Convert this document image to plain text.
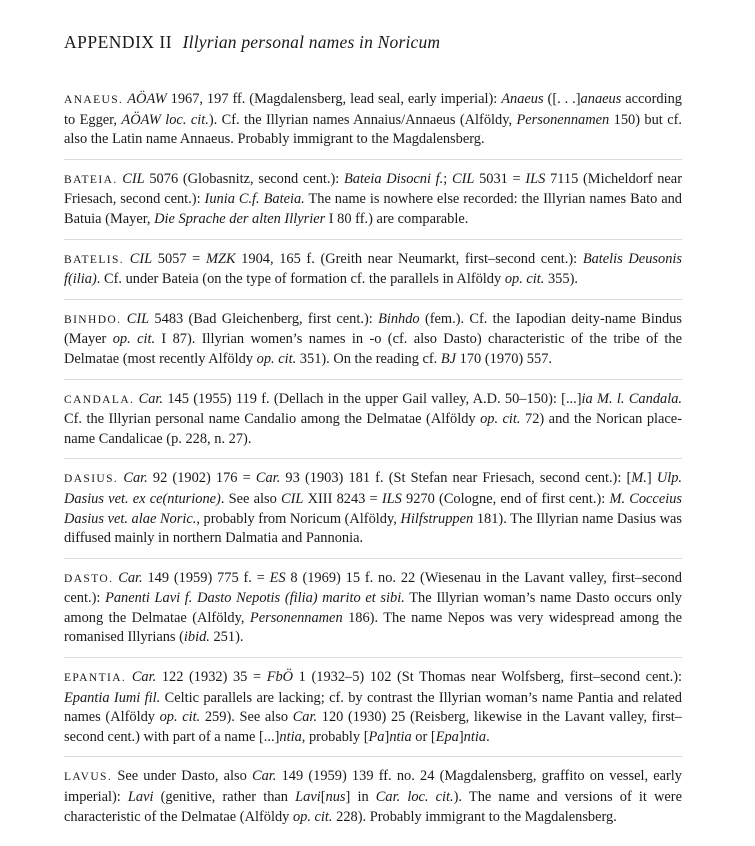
APPENDIX II Illyrian personal names in Noricum

ANAEUS. AÖAW 1967, 197 ff. (Magdalensberg, lead seal, early imperial): Anaeus ([. . .]anaeus according to Egger, AÖAW loc. cit.). Cf. the Illyrian names Annaius/Annaeus (Alföldy, Personennamen 150) but cf. also the Latin name Annaeus. Probably immigrant to the Magdalensberg.

BATEIA. CIL 5076 (Globasnitz, second cent.): Bateia Disocni f.; CIL 5031 = ILS 7115 (Micheldorf near Friesach, second cent.): Iunia C.f. Bateia. The name is nowhere else recorded: the Illyrian names Bato and Batuia (Mayer, Die Sprache der alten Illyrier I 80 ff.) are comparable.

BATELIS. CIL 5057 = MZK 1904, 165 f. (Greith near Neumarkt, first–second cent.): Batelis Deusonis f(ilia). Cf. under Bateia (on the type of formation cf. the parallels in Alföldy op. cit. 355).

BINHDO. CIL 5483 (Bad Gleichenberg, first cent.): Binhdo (fem.). Cf. the Iapodian deity-name Bindus (Mayer op. cit. I 87). Illyrian women’s names in -o (cf. also Dasto) characteristic of the tribe of the Delmatae (most recently Alföldy op. cit. 351). On the reading cf. BJ 170 (1970) 557.

CANDALA. Car. 145 (1955) 119 f. (Dellach in the upper Gail valley, A.D. 50–150): [...]ia M. l. Candala. Cf. the Illyrian personal name Candalio among the Delmatae (Alföldy op. cit. 72) and the Norican place-name Candalicae (p. 228, n. 27).

DASIUS. Car. 92 (1902) 176 = Car. 93 (1903) 181 f. (St Stefan near Friesach, second cent.): [M.] Ulp. Dasius vet. ex ce(nturione). See also CIL XIII 8243 = ILS 9270 (Cologne, end of first cent.): M. Cocceius Dasius vet. alae Noric., probably from Noricum (Alföldy, Hilfstruppen 181). The Illyrian name Dasius was diffused mainly in northern Dalmatia and Pannonia.

DASTO. Car. 149 (1959) 775 f. = ES 8 (1969) 15 f. no. 22 (Wiesenau in the Lavant valley, first–second cent.): Panenti Lavi f. Dasto Nepotis (filia) marito et sibi. The Illyrian woman’s name Dasto occurs only among the Delmatae (Alföldy, Personennamen 186). The name Nepos was very widespread among the romanised Illyrians (ibid. 251).

EPANTIA. Car. 122 (1932) 35 = FbÖ 1 (1932–5) 102 (St Thomas near Wolfsberg, first–second cent.): Epantia Iumi fil. Celtic parallels are lacking; cf. by contrast the Illyrian woman’s name Pantia and related names (Alföldy op. cit. 259). See also Car. 120 (1930) 25 (Reisberg, likewise in the Lavant valley, first–second cent.) with part of a name [...]ntia, probably [Pa]ntia or [Epa]ntia.

LAVUS. See under Dasto, also Car. 149 (1959) 139 ff. no. 24 (Magdalensberg, graffito on vessel, early imperial): Lavi (genitive, rather than Lavi[nus] in Car. loc. cit.). The name and versions of it were characteristic of the Delmatae (Alföldy op. cit. 228). Probably immigrant to the Magdalensberg.
